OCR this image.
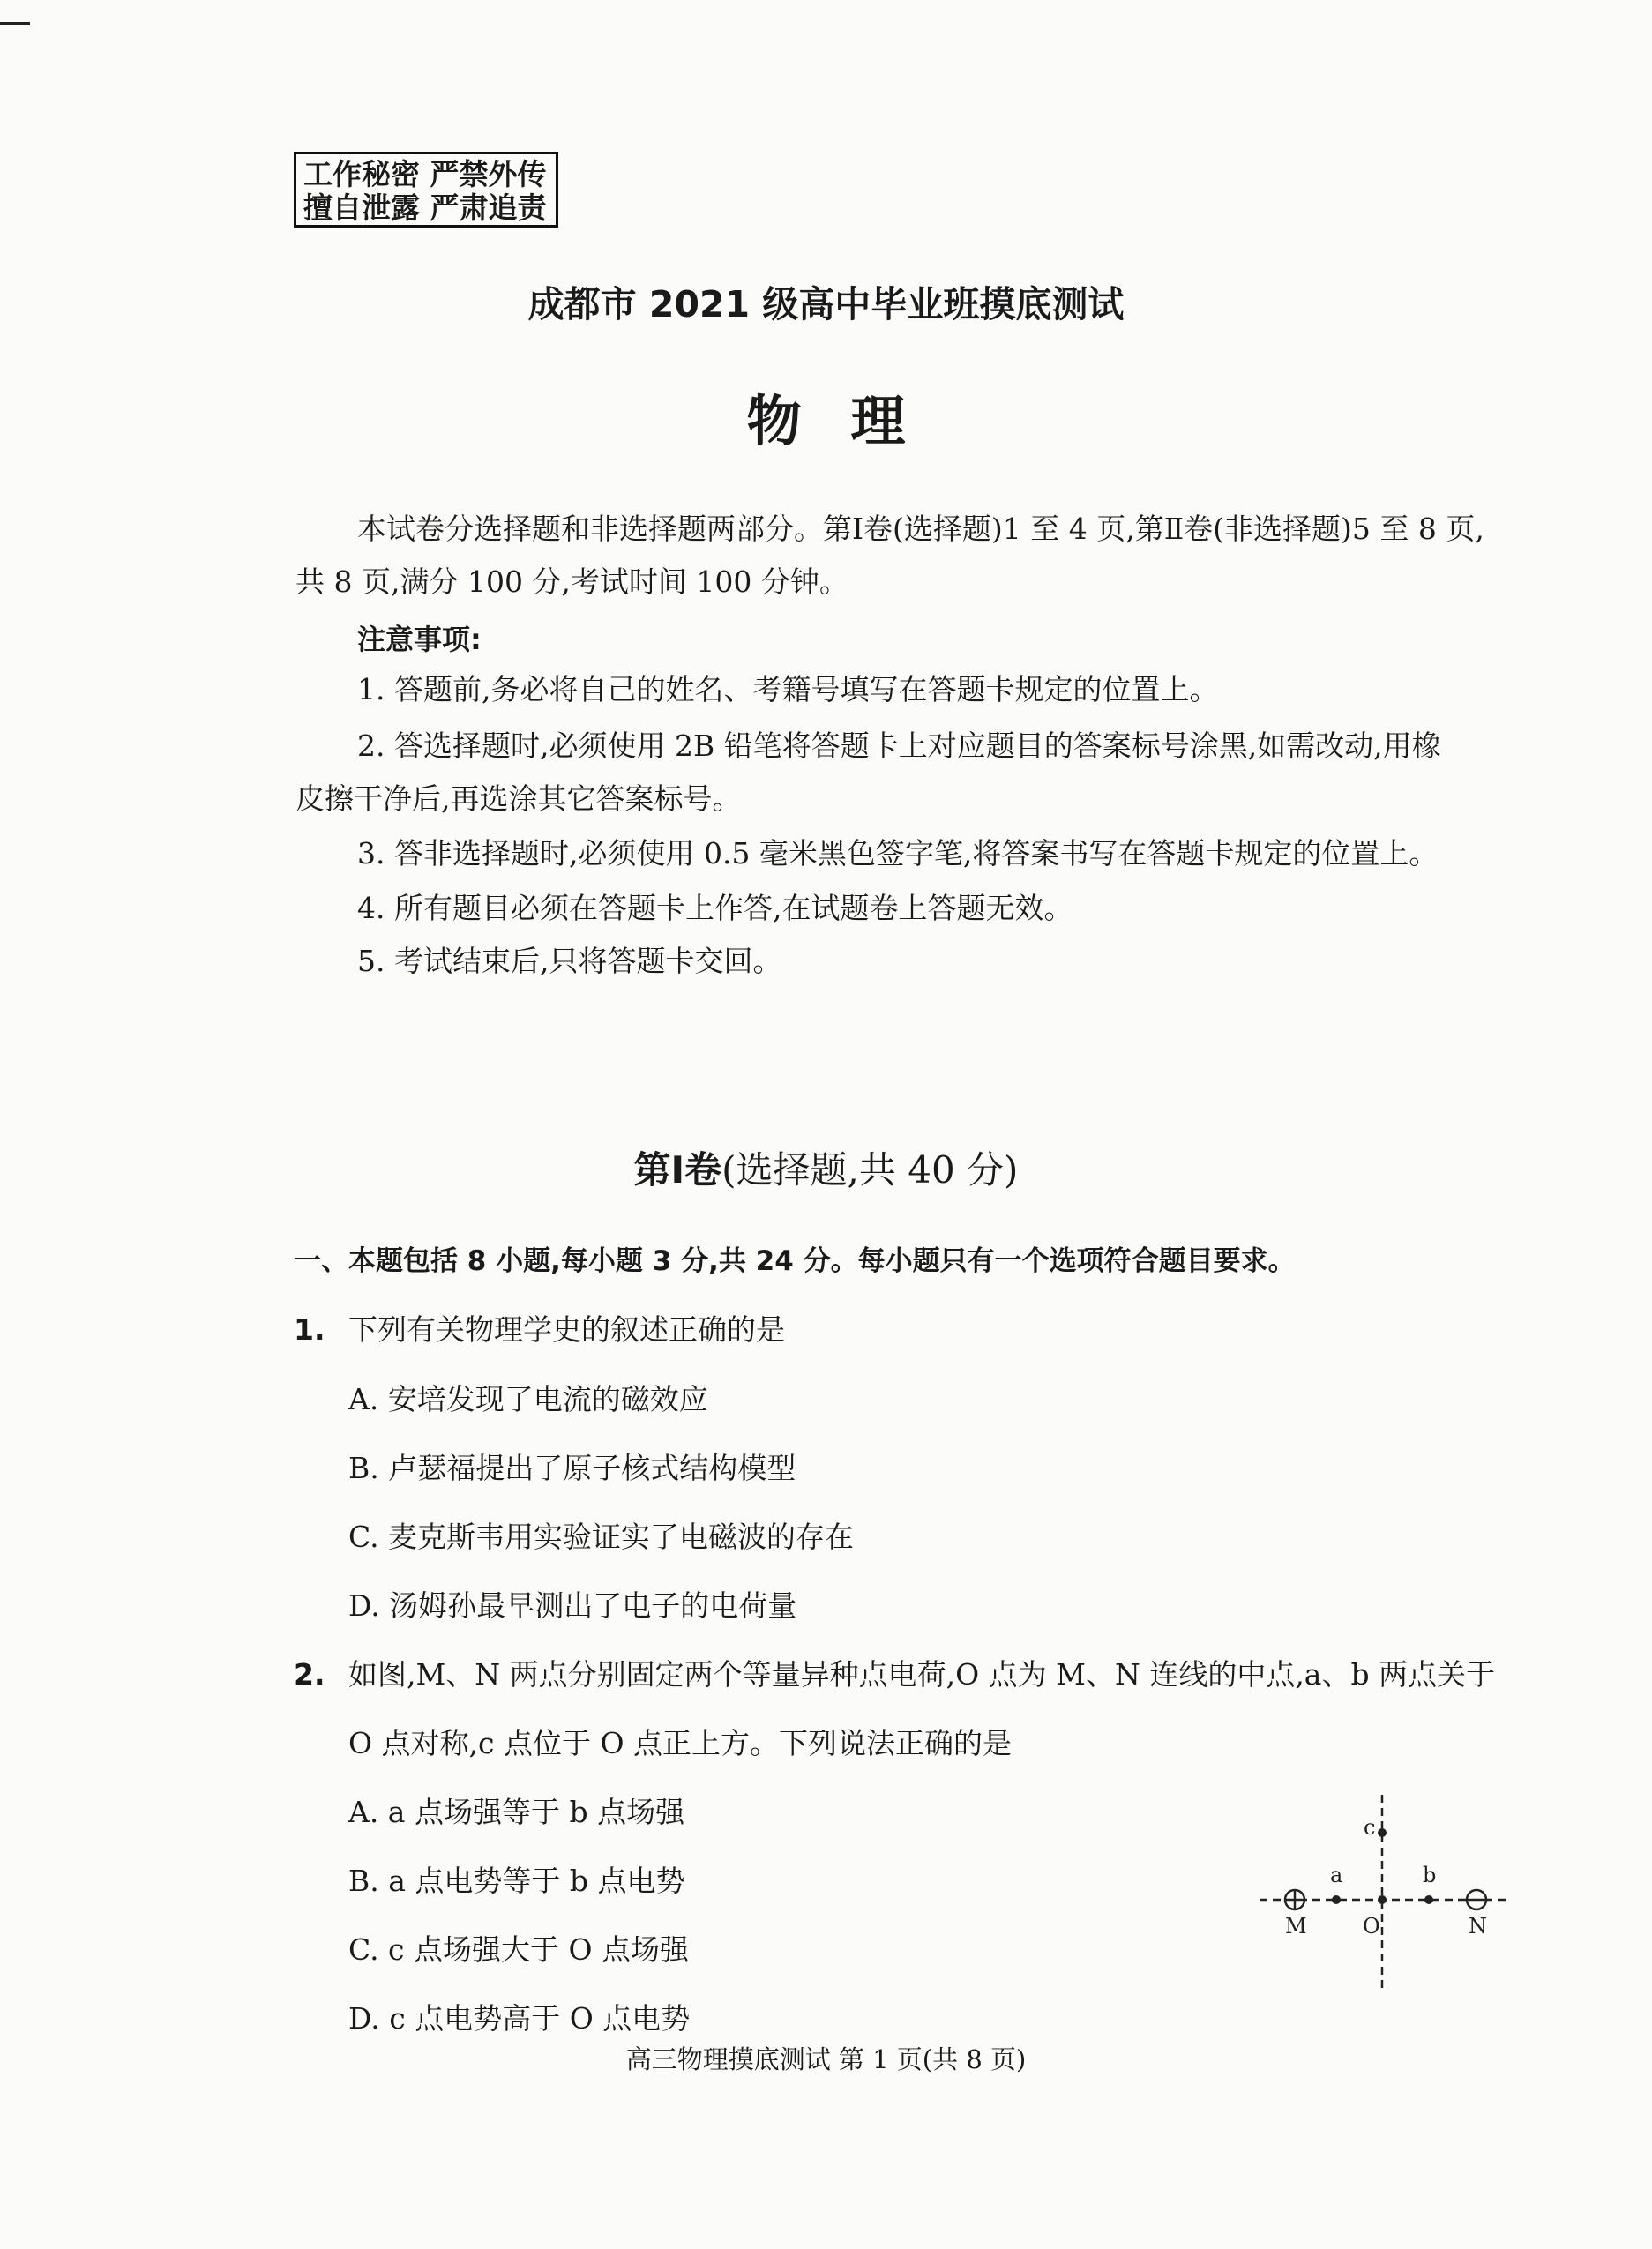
工作秘密 严禁外传
擅自泄露 严肃追责
成都市 2021 级高中毕业班摸底测试
物理
本试卷分选择题和非选择题两部分。第Ⅰ卷(选择题)1 至 4 页,第Ⅱ卷(非选择题)5 至 8 页,
共 8 页,满分 100 分,考试时间 100 分钟。
注意事项:
1. 答题前,务必将自己的姓名、考籍号填写在答题卡规定的位置上。
2. 答选择题时,必须使用 2B 铅笔将答题卡上对应题目的答案标号涂黑,如需改动,用橡
皮擦干净后,再选涂其它答案标号。
3. 答非选择题时,必须使用 0.5 毫米黑色签字笔,将答案书写在答题卡规定的位置上。
4. 所有题目必须在答题卡上作答,在试题卷上答题无效。
5. 考试结束后,只将答题卡交回。
第Ⅰ卷(选择题,共 40 分)
一、本题包括 8 小题,每小题 3 分,共 24 分。每小题只有一个选项符合题目要求。
1. 下列有关物理学史的叙述正确的是
A. 安培发现了电流的磁效应
B. 卢瑟福提出了原子核式结构模型
C. 麦克斯韦用实验证实了电磁波的存在
D. 汤姆孙最早测出了电子的电荷量
2. 如图,M、N 两点分别固定两个等量异种点电荷,O 点为 M、N 连线的中点,a、b 两点关于
O 点对称,c 点位于 O 点正上方。下列说法正确的是
A. a 点场强等于 b 点场强
B. a 点电势等于 b 点电势
C. c 点场强大于 O 点场强
D. c 点电势高于 O 点电势
c
a	b
M	O	N
高三物理摸底测试 第 1 页(共 8 页)
